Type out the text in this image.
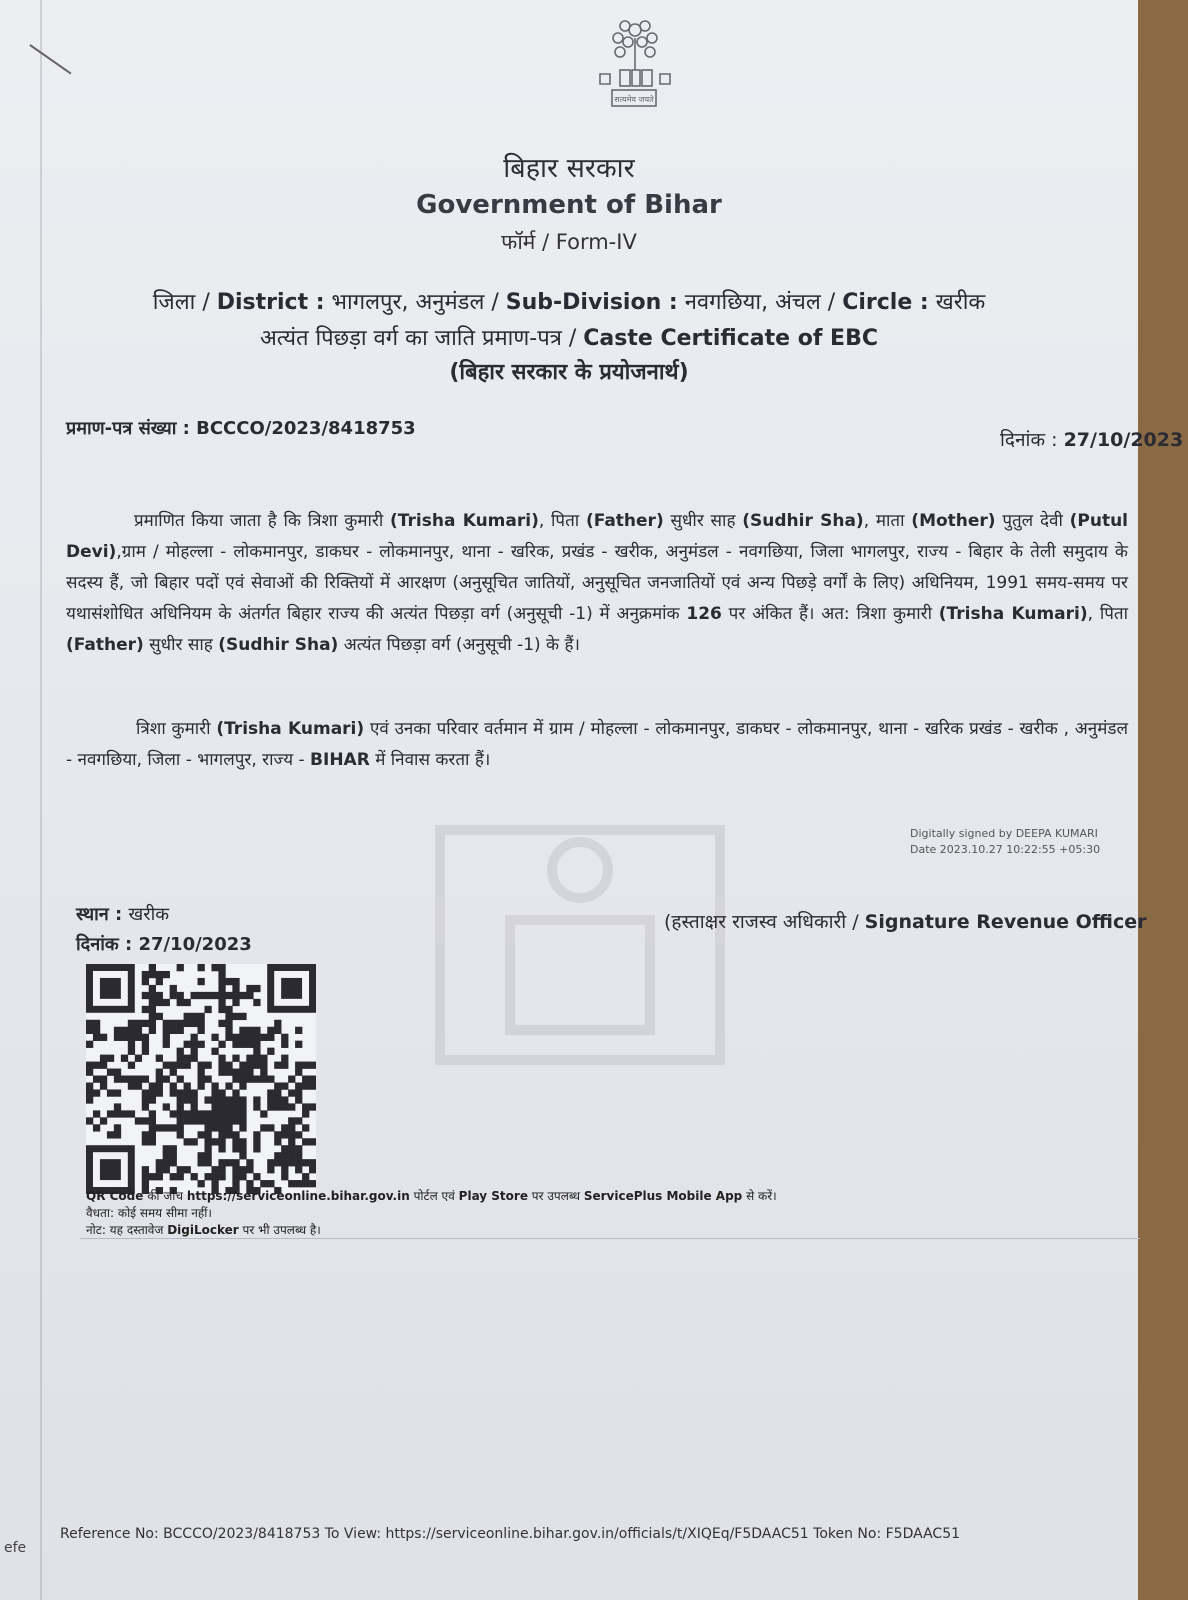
सत्यमेव जयते
बिहार सरकार
Government of Bihar
फॉर्म / Form-IV
जिला / District : भागलपुर, अनुमंडल / Sub-Division : नवगछिया, अंचल / Circle : खरीक
अत्यंत पिछड़ा वर्ग का जाति प्रमाण-पत्र / Caste Certificate of EBC
(बिहार सरकार के प्रयोजनार्थ)
प्रमाण-पत्र संख्या : BCCCO/2023/8418753
दिनांक : 27/10/2023
प्रमाणित किया जाता है कि त्रिशा कुमारी (Trisha Kumari), पिता (Father) सुधीर साह (Sudhir Sha), माता (Mother) पुतुल देवी (Putul Devi),ग्राम / मोहल्ला - लोकमानपुर, डाकघर - लोकमानपुर, थाना - खरिक, प्रखंड - खरीक, अनुमंडल - नवगछिया, जिला भागलपुर, राज्य - बिहार के तेली समुदाय के सदस्य हैं, जो बिहार पदों एवं सेवाओं की रिक्तियों में आरक्षण (अनुसूचित जातियों, अनुसूचित जनजातियों एवं अन्य पिछड़े वर्गों के लिए) अधिनियम, 1991 समय-समय पर यथासंशोधित अधिनियम के अंतर्गत बिहार राज्य की अत्यंत पिछड़ा वर्ग (अनुसूची -1) में अनुक्रमांक 126 पर अंकित हैं। अत: त्रिशा कुमारी (Trisha Kumari), पिता (Father) सुधीर साह (Sudhir Sha) अत्यंत पिछड़ा वर्ग (अनुसूची -1) के हैं।
त्रिशा कुमारी (Trisha Kumari) एवं उनका परिवार वर्तमान में ग्राम / मोहल्ला - लोकमानपुर, डाकघर - लोकमानपुर, थाना - खरिक प्रखंड - खरीक , अनुमंडल - नवगछिया, जिला - भागलपुर, राज्य - BIHAR में निवास करता हैं।
Digitally signed by DEEPA KUMARI
Date 2023.10.27 10:22:55 +05:30
स्थान : खरीक
दिनांक : 27/10/2023
(हस्ताक्षर राजस्व अधिकारी / Signature Revenue Officer
QR Code की जाँच https://serviceonline.bihar.gov.in पोर्टल एवं Play Store पर उपलब्ध ServicePlus Mobile App से करें।
वैधता: कोई समय सीमा नहीं।
नोट: यह दस्तावेज DigiLocker पर भी उपलब्ध है।
Reference No: BCCCO/2023/8418753 To View: https://serviceonline.bihar.gov.in/officials/t/XIQEq/F5DAAC51 Token No: F5DAAC51
efe
